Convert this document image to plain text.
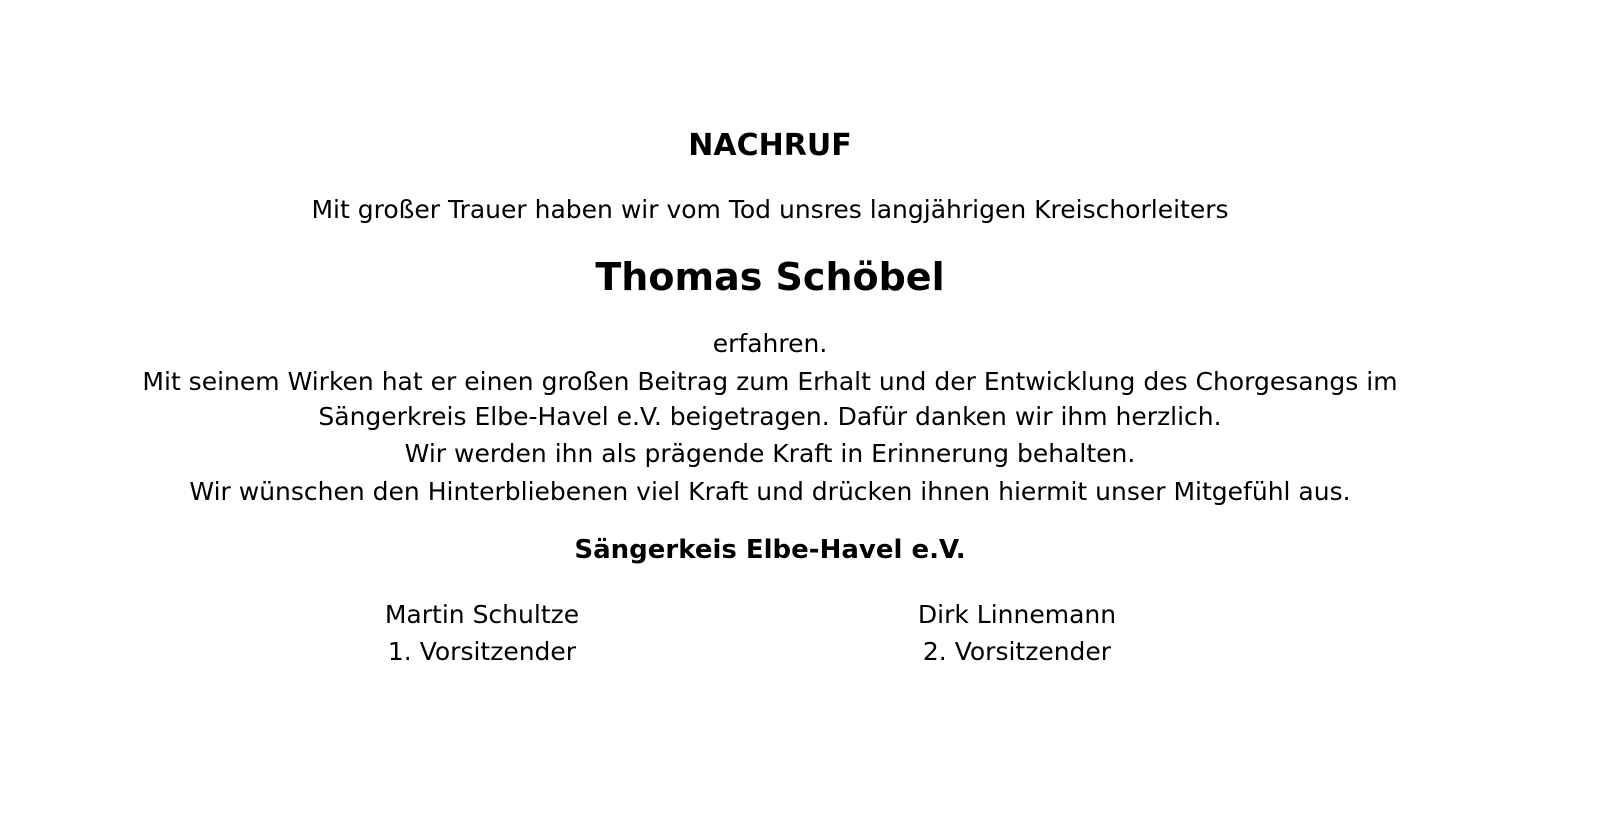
NACHRUF
Mit großer Trauer haben wir vom Tod unsres langjährigen Kreischorleiters
Thomas Schöbel
erfahren.
Mit seinem Wirken hat er einen großen Beitrag zum Erhalt und der Entwicklung des Chorgesangs im
Sängerkreis Elbe-Havel e.V. beigetragen. Dafür danken wir ihm herzlich.
Wir werden ihn als prägende Kraft in Erinnerung behalten.
Wir wünschen den Hinterbliebenen viel Kraft und drücken ihnen hiermit unser Mitgefühl aus.
Sängerkeis Elbe-Havel e.V.
Martin Schultze
1. Vorsitzender
Dirk Linnemann
2. Vorsitzender
